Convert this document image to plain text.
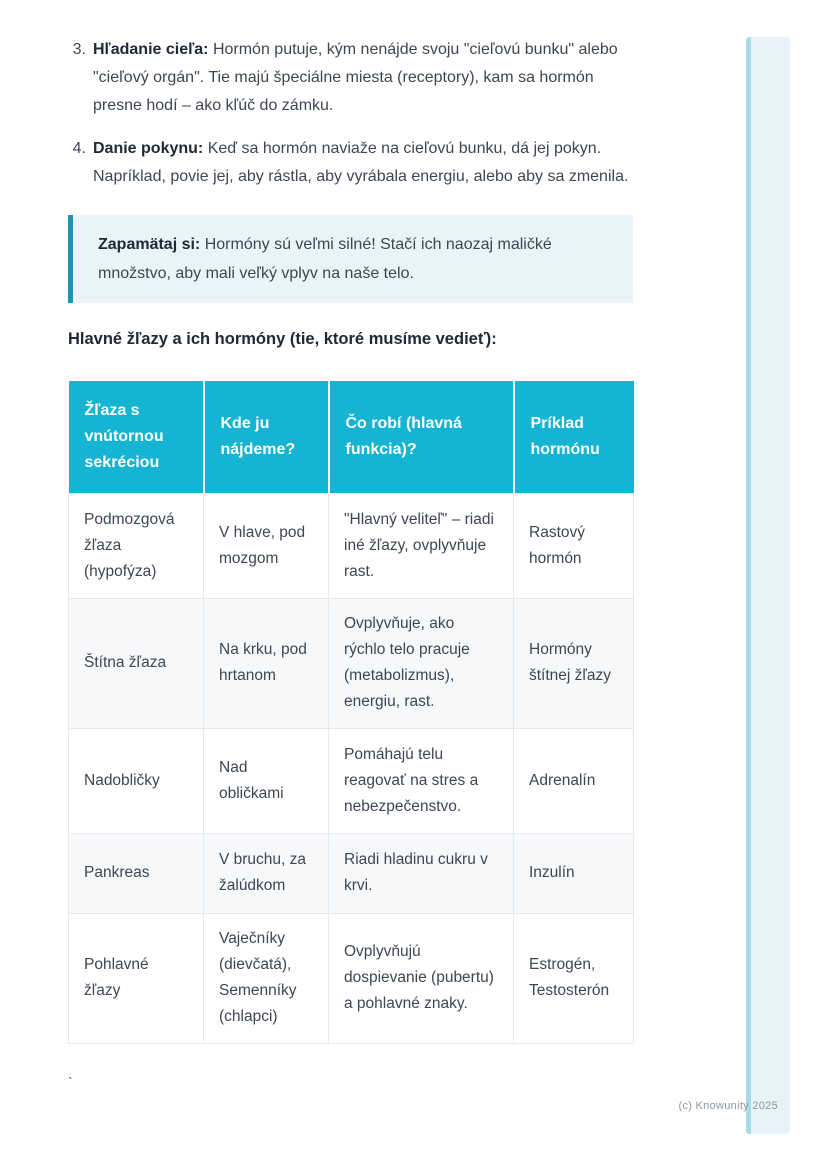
3. Hľadanie cieľa: Hormón putuje, kým nenájde svoju "cieľovú bunku" alebo "cieľový orgán". Tie majú špeciálne miesta (receptory), kam sa hormón presne hodí – ako kľúč do zámku.

4. Danie pokynu: Keď sa hormón naviaže na cieľovú bunku, dá jej pokyn. Napríklad, povie jej, aby rástla, aby vyrábala energiu, alebo aby sa zmenila.

Zapamätaj si: Hormóny sú veľmi silné! Stačí ich naozaj maličké množstvo, aby mali veľký vplyv na naše telo.

Hlavné žľazy a ich hormóny (tie, ktoré musíme vedieť):
Žľaza s vnútornou sekréciou	Kde ju nájdeme?	Čo robí (hlavná funkcia)?	Príklad hormónu
Podmozgová žľaza (hypofýza)	V hlave, pod mozgom	"Hlavný veliteľ" – riadi iné žľazy, ovplyvňuje rast.	Rastový hormón
Štítna žľaza	Na krku, pod hrtanom	Ovplyvňuje, ako rýchlo telo pracuje (metabolizmus), energiu, rast.	Hormóny štítnej žľazy
Nadobličky	Nad obličkami	Pomáhajú telu reagovať na stres a nebezpečenstvo.	Adrenalín
Pankreas	V bruchu, za žalúdkom	Riadi hladinu cukru v krvi.	Inzulín
Pohlavné žľazy	Vaječníky (dievčatá), Semenníky (chlapci)	Ovplyvňujú dospievanie (pubertu) a pohlavné znaky.	Estrogén, Testosterón
`
(c) Knowunity 2025
